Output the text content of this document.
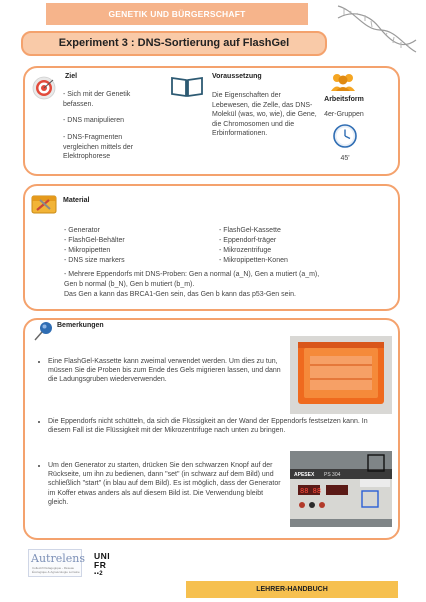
GENETIK UND BÜRGERSCHAFT
Experiment 3 : DNS-Sortierung auf FlashGel
Ziel
- Sich mit der Genetik befassen.
- DNS manipulieren
- DNS-Fragmenten vergleichen mittels der Elektrophorese
Voraussetzung
Die Eigenschaften der Lebewesen, die Zelle, das DNS-Molekül (was, wo, wie), die Gene, die Chromosomen und die Erbinformationen.
Arbeitsform
4er-Gruppen
45'
Material
- Generator
- FlashGel-Behälter
- Mikropipetten
- DNS size markers
- FlashGel-Kassette
- Eppendorf-träger
- Mikrozentrifuge
- Mikropipetten-Konen
- Mehrere Eppendorfs mit DNS-Proben: Gen a normal (a_N), Gen a mutiert (a_m),
Gen b normal (b_N), Gen b mutiert (b_m).
Das Gen a kann das BRCA1-Gen sein, das Gen b kann das p53-Gen sein.
Bemerkungen
• Eine FlashGel-Kassette kann zweimal verwendet werden. Um dies zu tun, müssen Sie die Proben bis zum Ende des Gels migrieren lassen, und dann die Ladungsgruben wiederverwenden.
• Die Eppendorfs nicht schütteln, da sich die Flüssigkeit an der Wand der Eppendorfs festsetzen kann. In diesem Fall ist die Flüssigkeit mit der Mikrozentrifuge nach unten zu bringen.
• Um den Generator zu starten, drücken Sie den schwarzen Knopf auf der Rückseite, um ihn zu bedienen, dann "set" (in schwarz auf dem Bild) und schließlich "start" (in blau auf dem Bild). Es ist möglich, dass der Generator im Koffer etwas anders als auf diesem Bild ist. Die Verwendung bleibt gleich.
APESEX PS 304
88 88
Autrelens
Collectif Pédagogique - Réseau Écologique & Agroécologie Lorraine
UNI
FR
▪▪2
LEHRER-HANDBUCH
